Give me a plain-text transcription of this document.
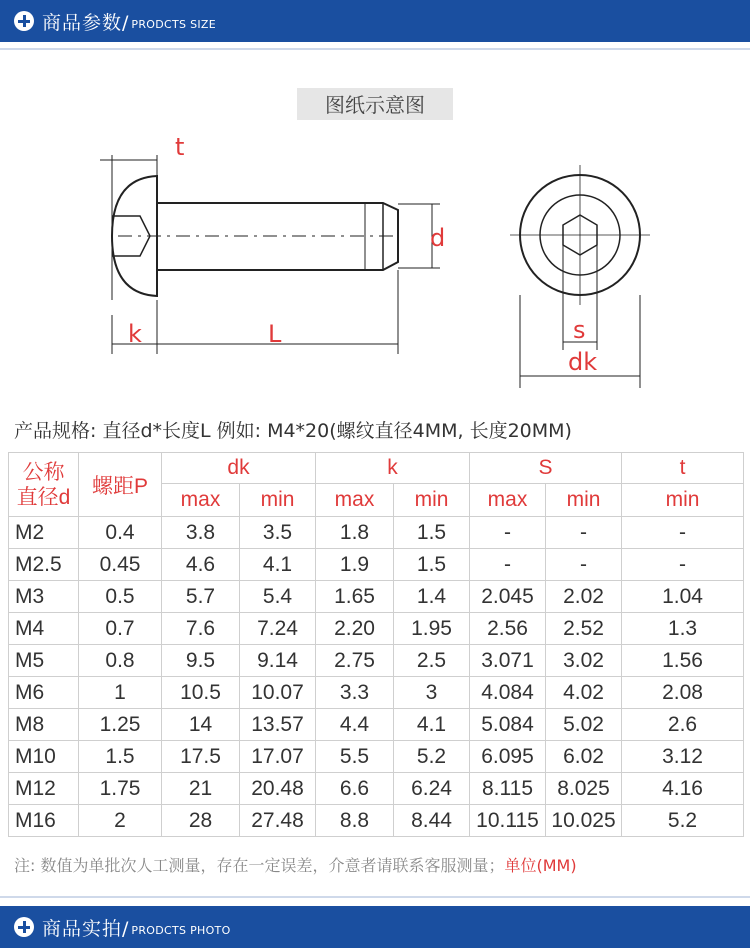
商品参数/ PRODCTS SIZE
图纸示意图
t
d
k	L	s
dk
产品规格: 直径d*长度L 例如: M4*20(螺纹直径4MM, 长度20MM)
公称
直径d	螺距P	dk		k		S		t
		max	min	max	min	max	min	min
M2	0.4	3.8	3.5	1.8	1.5	-	-	-
M2.5	0.45	4.6	4.1	1.9	1.5	-	-	-
M3	0.5	5.7	5.4	1.65	1.4	2.045	2.02	1.04
M4	0.7	7.6	7.24	2.20	1.95	2.56	2.52	1.3
M5	0.8	9.5	9.14	2.75	2.5	3.071	3.02	1.56
M6	1	10.5	10.07	3.3	3	4.084	4.02	2.08
M8	1.25	14	13.57	4.4	4.1	5.084	5.02	2.6
M10	1.5	17.5	17.07	5.5	5.2	6.095	6.02	3.12
M12	1.75	21	20.48	6.6	6.24	8.115	8.025	4.16
M16	2	28	27.48	8.8	8.44	10.115	10.025	5.2
注: 数值为单批次人工测量，存在一定误差，介意者请联系客服测量；单位(MM)
商品实拍/ PRODCTS PHOTO
